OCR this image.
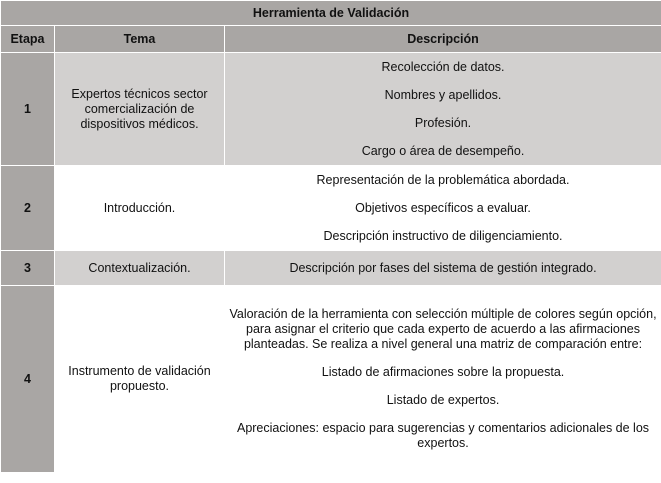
Herramienta de Validación		
Etapa	Tema	Descripción
1	Expertos técnicos sector comercialización de dispositivos médicos.	Recolección de datos.

Nombres y apellidos.

Profesión.

Cargo o área de desempeño.

2	Introducción.	Representación de la problemática abordada.

Objetivos específicos a evaluar.

Descripción instructivo de diligenciamiento.

3	Contextualización.	Descripción por fases del sistema de gestión integrado.

4	Instrumento de validación propuesto.	Valoración de la herramienta con selección múltiple de colores según opción, para asignar el criterio que cada experto de acuerdo a las afirmaciones planteadas. Se realiza a nivel general una matriz de comparación entre:

Listado de afirmaciones sobre la propuesta.

Listado de expertos.

Apreciaciones: espacio para sugerencias y comentarios adicionales de los expertos.
